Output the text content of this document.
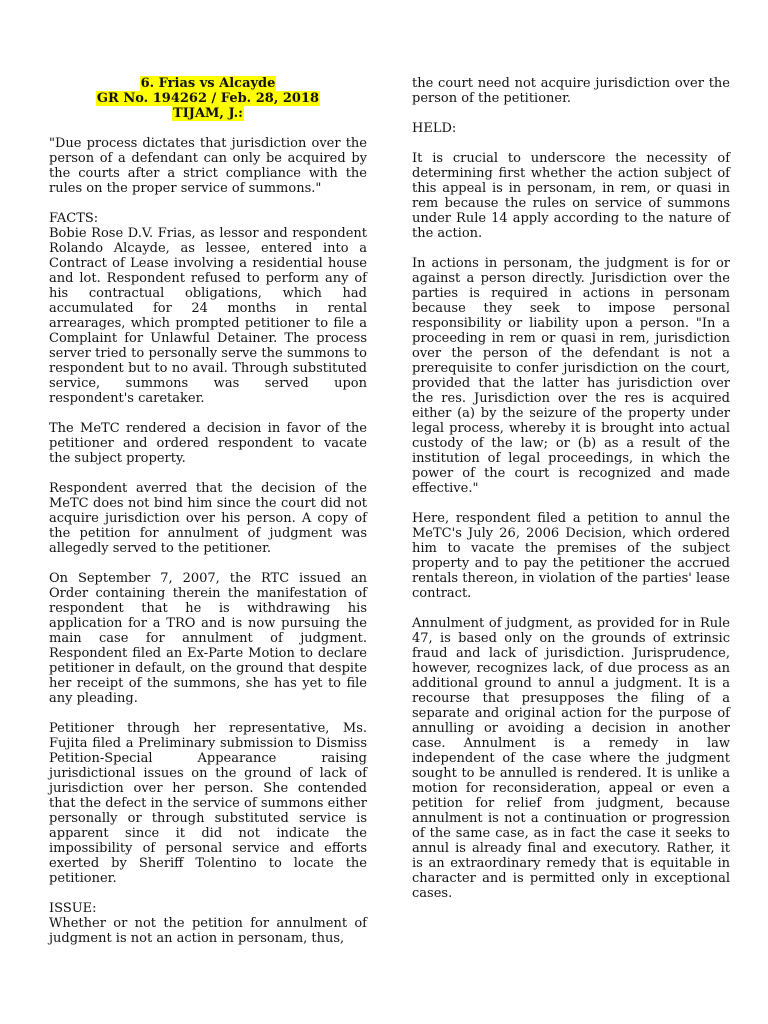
6. Frias vs Alcayde
GR No. 194262 / Feb. 28, 2018
TIJAM, J.:

"Due process dictates that jurisdiction over the person of a defendant can only be acquired by the courts after a strict compliance with the rules on the proper service of summons."

FACTS:

Bobie Rose D.V. Frias, as lessor and respondent Rolando Alcayde, as lessee, entered into a Contract of Lease involving a residential house and lot. Respondent refused to perform any of his contractual obligations, which had accumulated for 24 months in rental arrearages, which prompted petitioner to file a Complaint for Unlawful Detainer. The process server tried to personally serve the summons to respondent but to no avail. Through substituted service, summons was served upon respondent's caretaker.

The MeTC rendered a decision in favor of the petitioner and ordered respondent to vacate the subject property.

Respondent averred that the decision of the MeTC does not bind him since the court did not acquire jurisdiction over his person. A copy of the petition for annulment of judgment was allegedly served to the petitioner.

On September 7, 2007, the RTC issued an Order containing therein the manifestation of respondent that he is withdrawing his application for a TRO and is now pursuing the main case for annulment of judgment. Respondent filed an Ex-Parte Motion to declare petitioner in default, on the ground that despite her receipt of the summons, she has yet to file any pleading.

Petitioner through her representative, Ms. Fujita filed a Preliminary submission to Dismiss Petition-Special Appearance raising jurisdictional issues on the ground of lack of jurisdiction over her person. She contended that the defect in the service of summons either personally or through substituted service is apparent since it did not indicate the impossibility of personal service and efforts exerted by Sheriff Tolentino to locate the petitioner.

ISSUE:

Whether or not the petition for annulment of judgment is not an action in personam, thus,

the court need not acquire jurisdiction over the person of the petitioner.

HELD:

It is crucial to underscore the necessity of determining first whether the action subject of this appeal is in personam, in rem, or quasi in rem because the rules on service of summons under Rule 14 apply according to the nature of the action.

In actions in personam, the judgment is for or against a person directly. Jurisdiction over the parties is required in actions in personam because they seek to impose personal responsibility or liability upon a person. "In a proceeding in rem or quasi in rem, jurisdiction over the person of the defendant is not a prerequisite to confer jurisdiction on the court, provided that the latter has jurisdiction over the res. Jurisdiction over the res is acquired either (a) by the seizure of the property under legal process, whereby it is brought into actual custody of the law; or (b) as a result of the institution of legal proceedings, in which the power of the court is recognized and made effective."

Here, respondent filed a petition to annul the MeTC's July 26, 2006 Decision, which ordered him to vacate the premises of the subject property and to pay the petitioner the accrued rentals thereon, in violation of the parties' lease contract.

Annulment of judgment, as provided for in Rule 47, is based only on the grounds of extrinsic fraud and lack of jurisdiction. Jurisprudence, however, recognizes lack, of due process as an additional ground to annul a judgment. It is a recourse that presupposes the filing of a separate and original action for the purpose of annulling or avoiding a decision in another case. Annulment is a remedy in law independent of the case where the judgment sought to be annulled is rendered. It is unlike a motion for reconsideration, appeal or even a petition for relief from judgment, because annulment is not a continuation or progression of the same case, as in fact the case it seeks to annul is already final and executory. Rather, it is an extraordinary remedy that is equitable in character and is permitted only in exceptional cases.
